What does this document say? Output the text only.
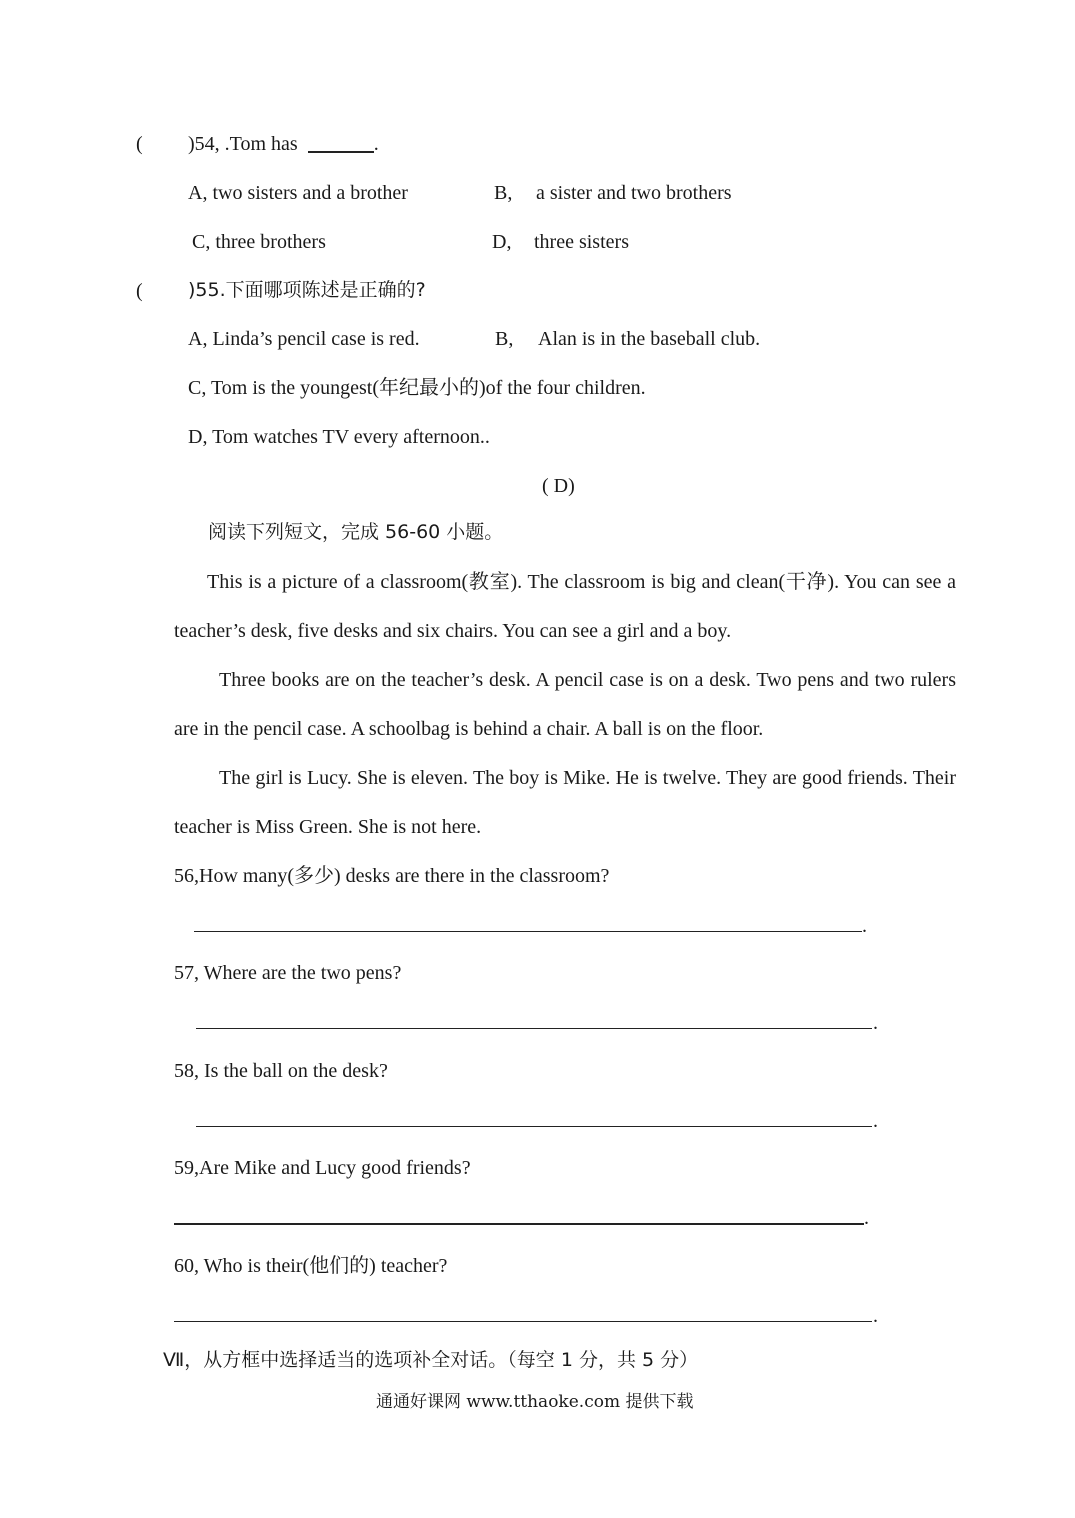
( )54, .Tom has	.
A, two sisters and a brother	B, a sister and two brothers
C, three brothers	D, three sisters
( )55.下面哪项陈述是正确的?
A, Linda’s pencil case is red.	B, Alan is in the baseball club.
C, Tom is the youngest(年纪最小的)of the four children.
D, Tom watches TV every afternoon..
( D)
阅读下列短文，完成 56-60 小题。
This is a picture of a classroom(教室). The classroom is big and clean(干净). You can see a teacher’s desk, five desks and six chairs. You can see a girl and a boy.
Three books are on the teacher’s desk. A pencil case is on a desk. Two pens and two rulers are in the pencil case. A schoolbag is behind a chair. A ball is on the floor.
The girl is Lucy. She is eleven. The boy is Mike. He is twelve. They are good friends. Their teacher is Miss Green. She is not here.
56,How many(多少) desks are there in the classroom?
.
57, Where are the two pens?
.
58, Is the ball on the desk?
.
59,Are Mike and Lucy good friends?
.
60, Who is their(他们的) teacher?
.
Ⅶ，从方框中选择适当的选项补全对话。（每空 1 分，共 5 分）
通通好课网 www.tthaoke.com 提供下载
